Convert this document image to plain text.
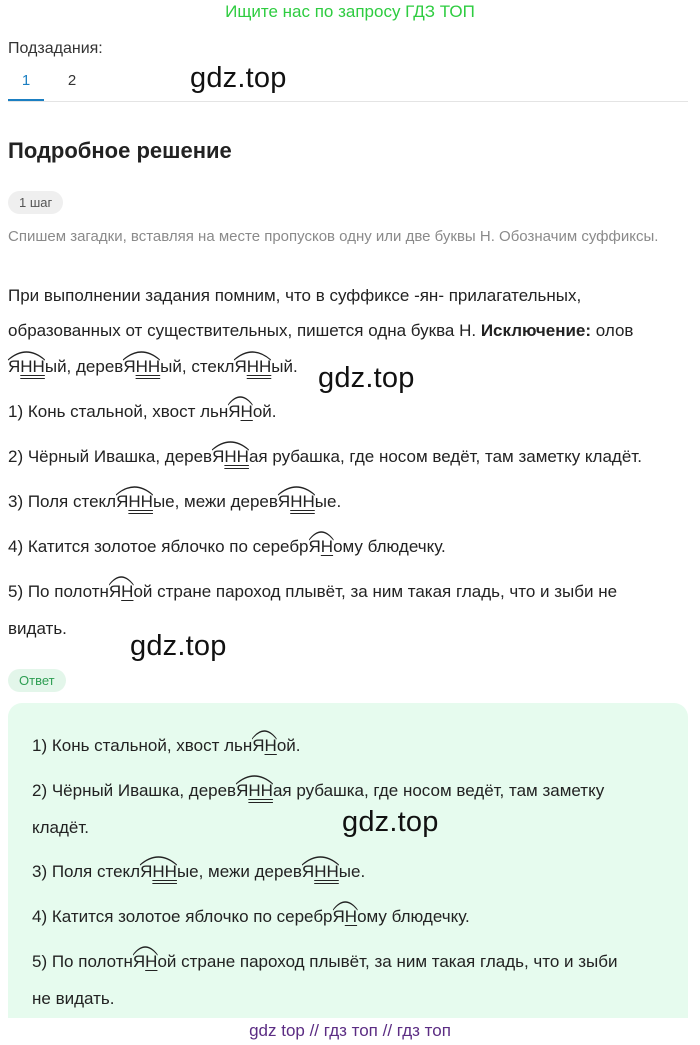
Ищите нас по запросу ГДЗ ТОП
Подзадания:
1	2	gdz.top
Подробное решение
1 шаг
Спишем загадки, вставляя на месте пропусков одну или две буквы Н. Обозначим суффиксы.
При выполнении задания помним, что в суффиксе -ян- прилагательных,
образованных от существительных, пишется одна буква Н. Исключение: олов
ЯННый, дерев
ЯННый, стекл
ЯННый. gdz.top
1) Конь стальной, хвост льн
ЯНой.
2) Чёрный Ивашка, дерев
ЯННая рубашка, где носом ведёт, там заметку кладёт.
3) Поля стекл
ЯННые, межи дерев
ЯННые.
4) Катится золотое яблочко по серебр
ЯНому блюдечку.
5) По полотн
ЯНой стране пароход плывёт, за ним такая гладь, что и зыби не
видать.
gdz.top
Ответ
1) Конь стальной, хвост льн
ЯНой.
2) Чёрный Ивашка, дерев
ЯННая рубашка, где носом ведёт, там заметку
кладёт.	gdz.top
3) Поля стекл
ЯННые, межи дерев
ЯННые.
4) Катится золотое яблочко по серебр
ЯНому блюдечку.
5) По полотн
ЯНой стране пароход плывёт, за ним такая гладь, что и зыби
не видать.
gdz top // гдз топ // гдз топ
